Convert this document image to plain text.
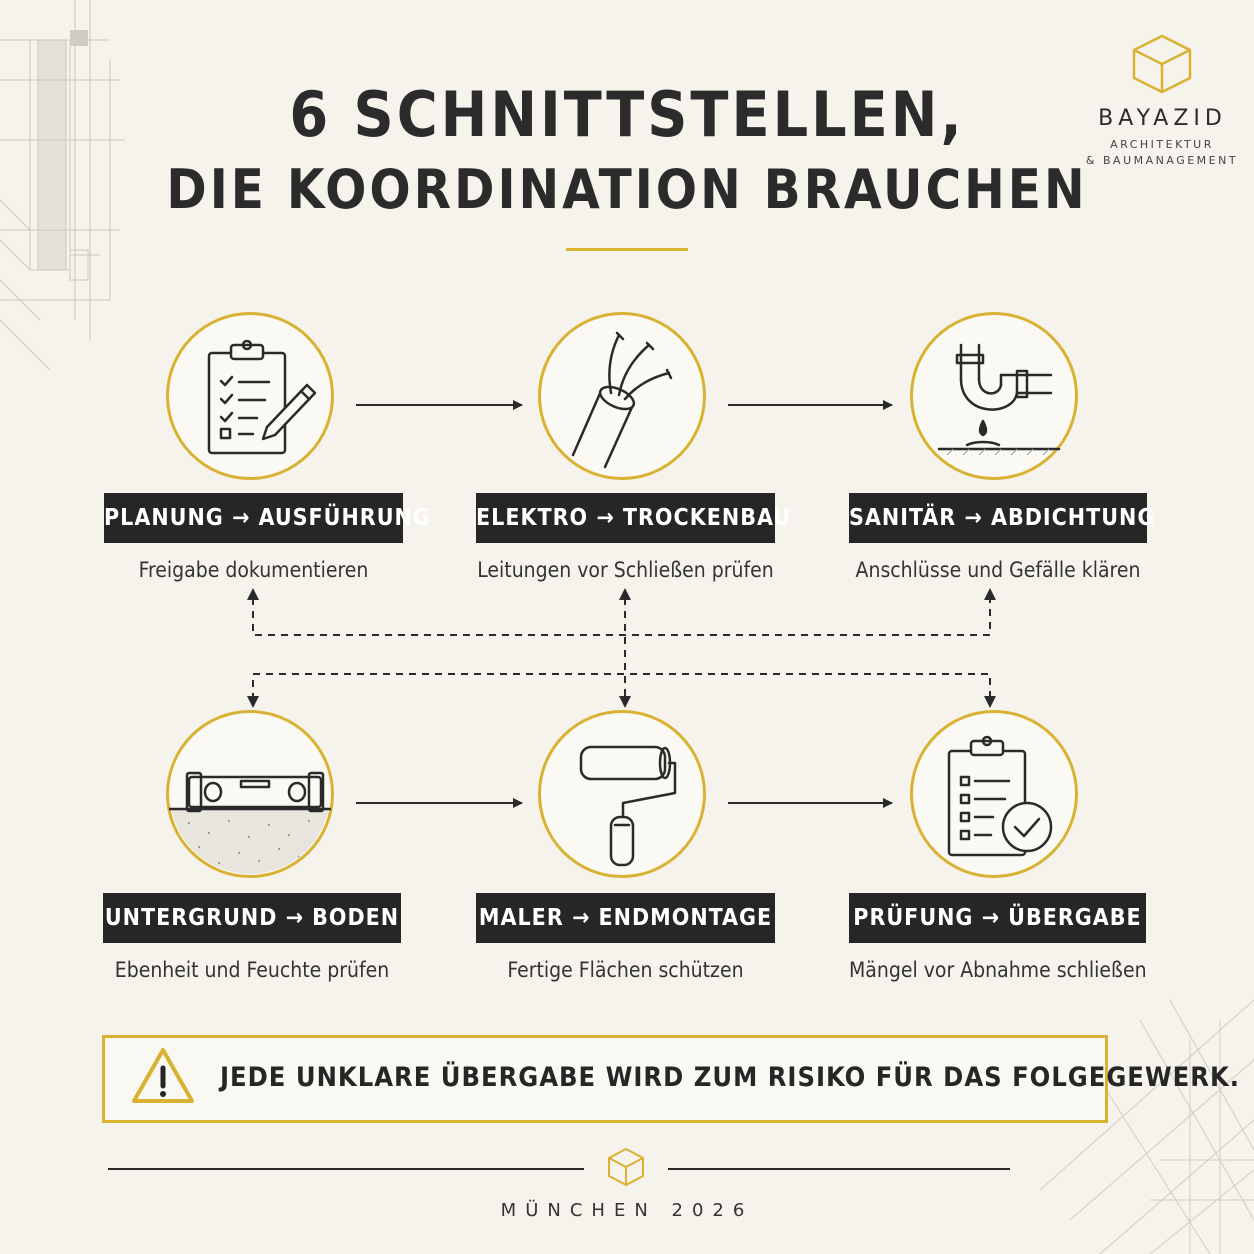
6 SCHNITTSTELLEN,
DIE KOORDINATION BRAUCHEN
BAYAZID
ARCHITEKTUR
& BAUMANAGEMENT
PLANUNG → AUSFÜHRUNG
Freigabe dokumentieren
ELEKTRO → TROCKENBAU
Leitungen vor Schließen prüfen
SANITÄR → ABDICHTUNG
Anschlüsse und Gefälle klären
UNTERGRUND → BODEN
Ebenheit und Feuchte prüfen
MALER → ENDMONTAGE
Fertige Flächen schützen
PRÜFUNG → ÜBERGABE
Mängel vor Abnahme schließen
JEDE UNKLARE ÜBERGABE WIRD ZUM RISIKO FÜR DAS FOLGEGEWERK.
MÜNCHEN 2026
